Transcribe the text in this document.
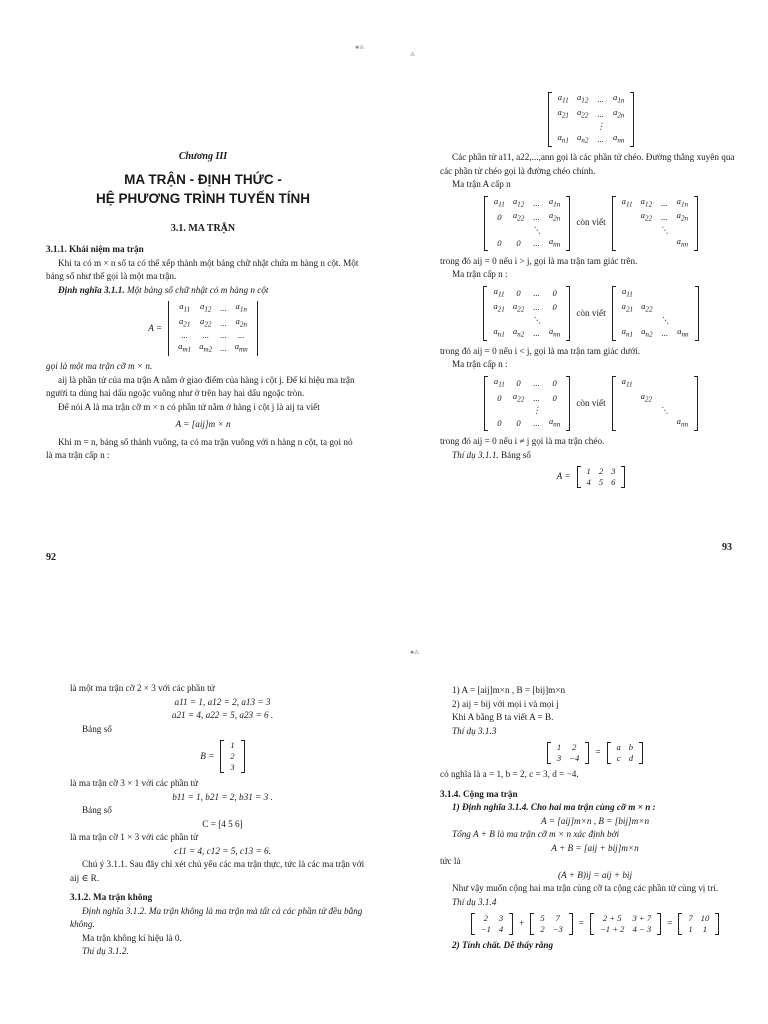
✱⁂
⁂

Chương III

MA TRẬN - ĐỊNH THỨC -

HỆ PHƯƠNG TRÌNH TUYẾN TÍNH

3.1. MA TRẬN

3.1.1. Khái niệm ma trận

Khi ta có m × n số ta có thể xếp thành một bảng chữ nhật chứa m hàng n cột. Một bảng số như thế gọi là một ma trận.

Định nghĩa 3.1.1. Một bảng số chữ nhật có m hàng n cột

A =
$a_{11}$	$a_{12}$	...	$a_{1n}$
$a_{21}$	$a_{22}$	...	$a_{2n}$
...	...	...	...
$a_{m1}$	$a_{m2}$	...	$a_{mn}$

gọi là một ma trận cỡ m × n.

aij là phần tử của ma trận A nằm ở giao điểm của hàng i cột j. Để kí hiệu ma trận người ta dùng hai dấu ngoặc vuông như ở trên hay hai dấu ngoặc tròn.

Để nói A là ma trận cỡ m × n có phần tử nằm ở hàng i cột j là aij ta viết

A = [aij]m × n

Khi m = n, bảng số thành vuông, ta có ma trận vuông với n hàng n cột, ta gọi nó là ma trận cấp n :

92
$a_{11}$	$a_{12}$	...	$a_{1n}$
$a_{21}$	$a_{22}$	...	$a_{2n}$
		⋮	
$a_{n1}$	$a_{n2}$	...	$a_{nn}$

Các phần tử a11, a22,...,ann gọi là các phần tử chéo. Đường thẳng xuyên qua các phần tử chéo gọi là đường chéo chính.

Ma trận A cấp n

$a_{11}$	$a_{12}$	...	$a_{1n}$
0	$a_{22}$	...	$a_{2n}$
		⋱	
0	0	...	$a_{nn}$
còn viết
$a_{11}$	$a_{12}$	...	$a_{1n}$
	$a_{22}$	...	$a_{2n}$
		⋱	
			$a_{nn}$

trong đó aij = 0 nếu i > j, gọi là ma trận tam giác trên.

Ma trận cấp n :

$a_{11}$	0	...	0
$a_{21}$	$a_{22}$	...	0
		⋱	
$a_{n1}$	$a_{n2}$	...	$a_{nn}$
còn viết
$a_{11}$			
$a_{21}$	$a_{22}$		
		⋱	
$a_{n1}$	$a_{n2}$	...	$a_{nn}$

trong đó aij = 0 nếu i < j, gọi là ma trận tam giác dưới.

Ma trận cấp n :

$a_{11}$	0	...	0
0	$a_{22}$	...	0
		⋮	
0	0	...	$a_{nn}$
còn viết
$a_{11}$			
	$a_{22}$		
		⋱	
			$a_{nn}$

trong đó aij = 0 nếu i ≠ j gọi là ma trận chéo.

Thí dụ 3.1.1. Bảng số

A =
1	2	3
4	5	6
93
✱⁂

là một ma trận cỡ 2 × 3 với các phần tử

a11 = 1, a12 = 2, a13 = 3

a21 = 4, a22 = 5, a23 = 6 .

Bảng số

B =
1
2
3

là ma trận cỡ 3 × 1 với các phần tử

b11 = 1, b21 = 2, b31 = 3 .

Bảng số

C = [4 5 6]

là ma trận cỡ 1 × 3 với các phần tử

c11 = 4, c12 = 5, c13 = 6.

Chú ý 3.1.1. Sau đây chỉ xét chủ yếu các ma trận thực, tức là các ma trận với aij ∈ R.

3.1.2. Ma trận không

Định nghĩa 3.1.2. Ma trận không là ma trận mà tất cả các phần tử đều bằng không.

Ma trận không kí hiệu là 0.

Thí dụ 3.1.2.

1) A = [aij]m×n , B = [bij]m×n

2) aij = bij với mọi i và mọi j

Khi A bằng B ta viết A = B.

Thí dụ 3.1.3

1	2
3	−4
=
a	b
c	d

có nghĩa là a = 1, b = 2, c = 3, d = −4.

3.1.4. Cộng ma trận

1) Định nghĩa 3.1.4. Cho hai ma trận cùng cỡ m × n :

A = [aij]m×n , B = [bij]m×n

Tổng A + B là ma trận cỡ m × n xác định bởi

A + B = [aij + bij]m×n

tức là

(A + B)ij = aij + bij

Như vậy muốn cộng hai ma trận cùng cỡ ta cộng các phần tử cùng vị trí.

Thí dụ 3.1.4

2	3
−1	4
+
5	7
2	−3
=
2 + 5	3 + 7
−1 + 2	4 − 3
=
7	10
1	1

2) Tính chất. Dễ thấy rằng
